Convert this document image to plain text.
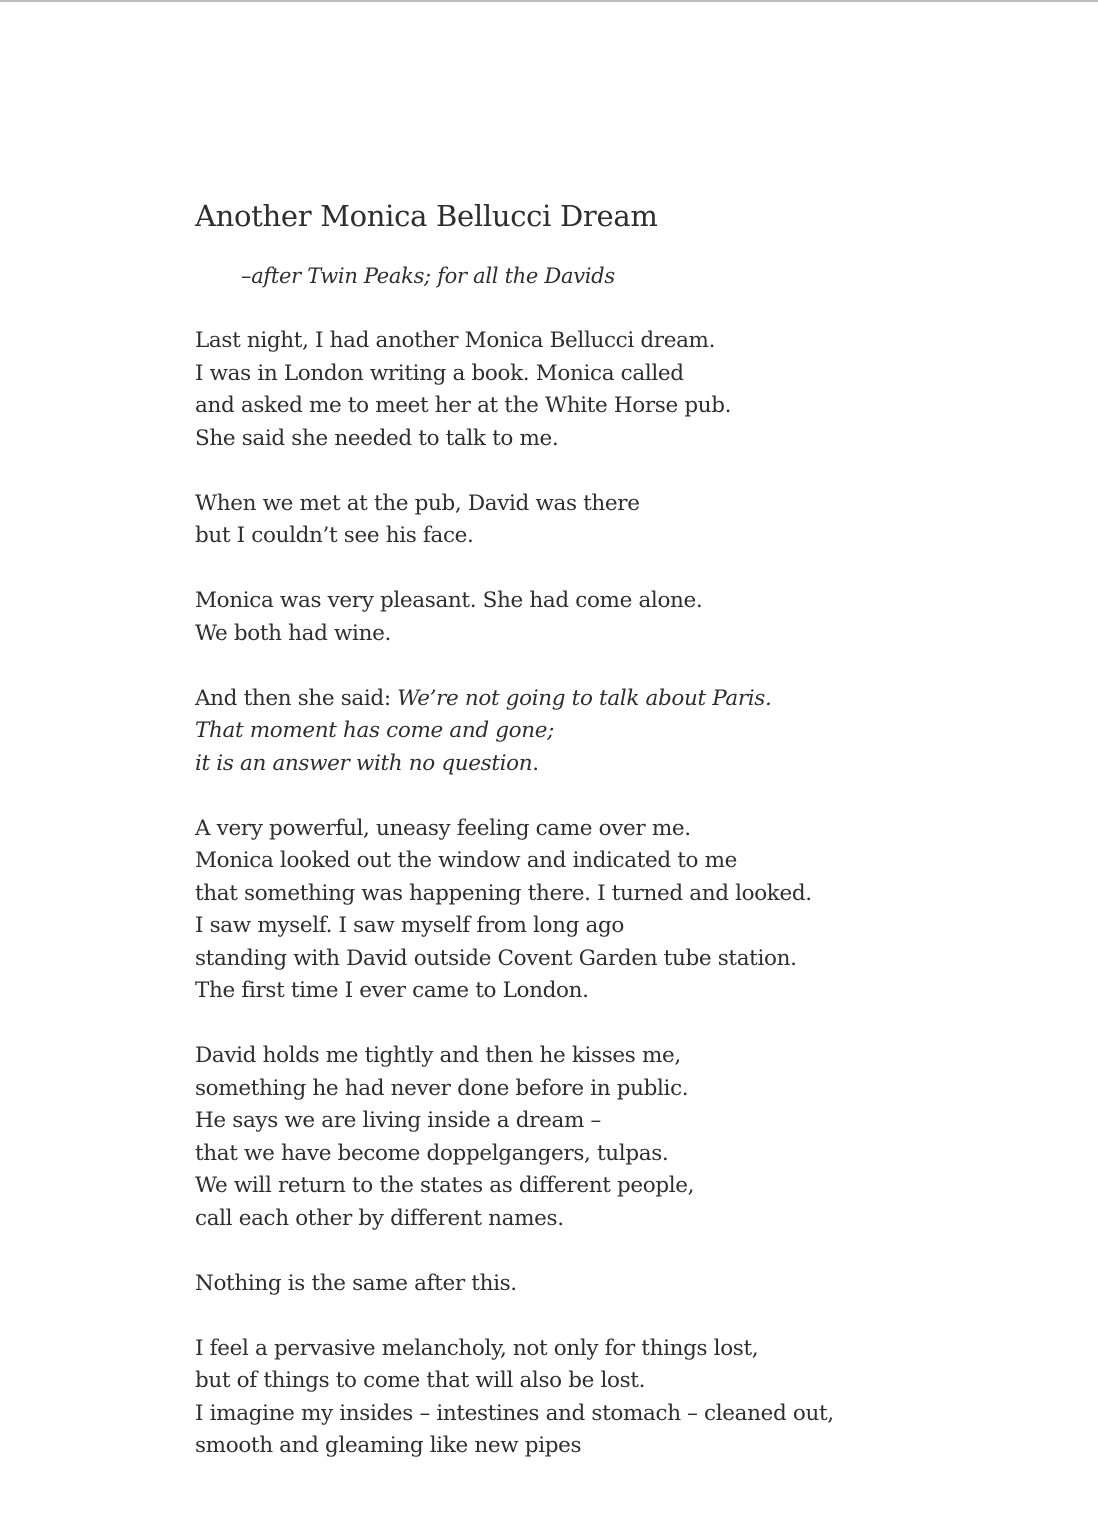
Another Monica Bellucci Dream
–after Twin Peaks; for all the Davids
Last night, I had another Monica Bellucci dream.
I was in London writing a book. Monica called
and asked me to meet her at the White Horse pub.
She said she needed to talk to me.
When we met at the pub, David was there
but I couldn’t see his face.
Monica was very pleasant. She had come alone.
We both had wine.
And then she said: We’re not going to talk about Paris.
That moment has come and gone;
it is an answer with no question.
A very powerful, uneasy feeling came over me.
Monica looked out the window and indicated to me
that something was happening there. I turned and looked.
I saw myself. I saw myself from long ago
standing with David outside Covent Garden tube station.
The first time I ever came to London.
David holds me tightly and then he kisses me,
something he had never done before in public.
He says we are living inside a dream –
that we have become doppelgangers, tulpas.
We will return to the states as different people,
call each other by different names.
Nothing is the same after this.
I feel a pervasive melancholy, not only for things lost,
but of things to come that will also be lost.
I imagine my insides – intestines and stomach – cleaned out,
smooth and gleaming like new pipes
